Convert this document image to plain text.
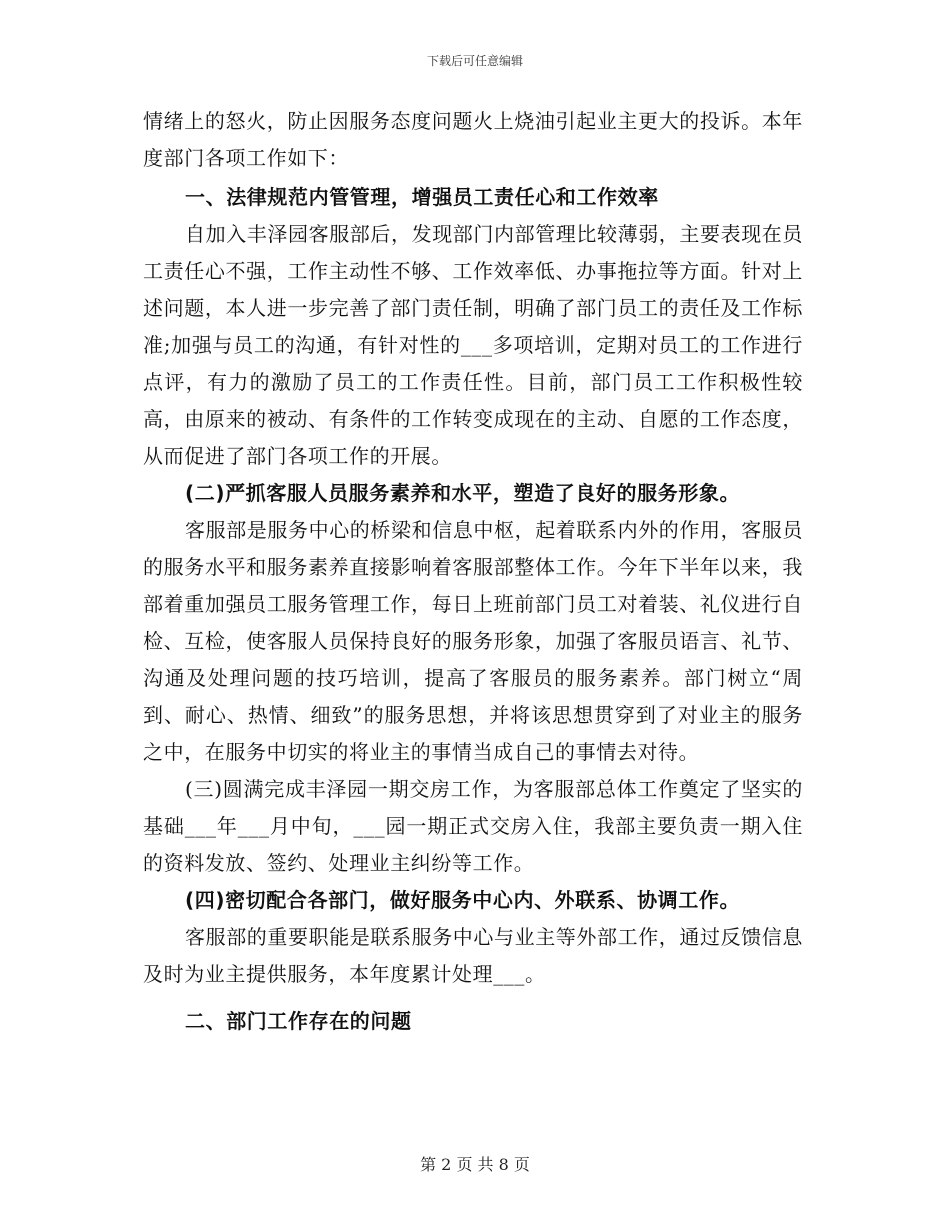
下载后可任意编辑

情绪上的怒火，防止因服务态度问题火上烧油引起业主更大的投诉。本年度部门各项工作如下：

一、法律规范内管管理，增强员工责任心和工作效率

自加入丰泽园客服部后，发现部门内部管理比较薄弱，主要表现在员工责任心不强，工作主动性不够、工作效率低、办事拖拉等方面。针对上述问题，本人进一步完善了部门责任制，明确了部门员工的责任及工作标准;加强与员工的沟通，有针对性的___多项培训，定期对员工的工作进行点评，有力的激励了员工的工作责任性。目前，部门员工工作积极性较高，由原来的被动、有条件的工作转变成现在的主动、自愿的工作态度，从而促进了部门各项工作的开展。

(二)严抓客服人员服务素养和水平，塑造了良好的服务形象。

客服部是服务中心的桥梁和信息中枢，起着联系内外的作用，客服员的服务水平和服务素养直接影响着客服部整体工作。今年下半年以来，我部着重加强员工服务管理工作，每日上班前部门员工对着装、礼仪进行自检、互检，使客服人员保持良好的服务形象，加强了客服员语言、礼节、沟通及处理问题的技巧培训，提高了客服员的服务素养。部门树立“周到、耐心、热情、细致”的服务思想，并将该思想贯穿到了对业主的服务之中，在服务中切实的将业主的事情当成自己的事情去对待。

(三)圆满完成丰泽园一期交房工作，为客服部总体工作奠定了坚实的基础___年___月中旬，___园一期正式交房入住，我部主要负责一期入住的资料发放、签约、处理业主纠纷等工作。

(四)密切配合各部门，做好服务中心内、外联系、协调工作。

客服部的重要职能是联系服务中心与业主等外部工作，通过反馈信息及时为业主提供服务，本年度累计处理___。

二、部门工作存在的问题

第 2 页 共 8 页
